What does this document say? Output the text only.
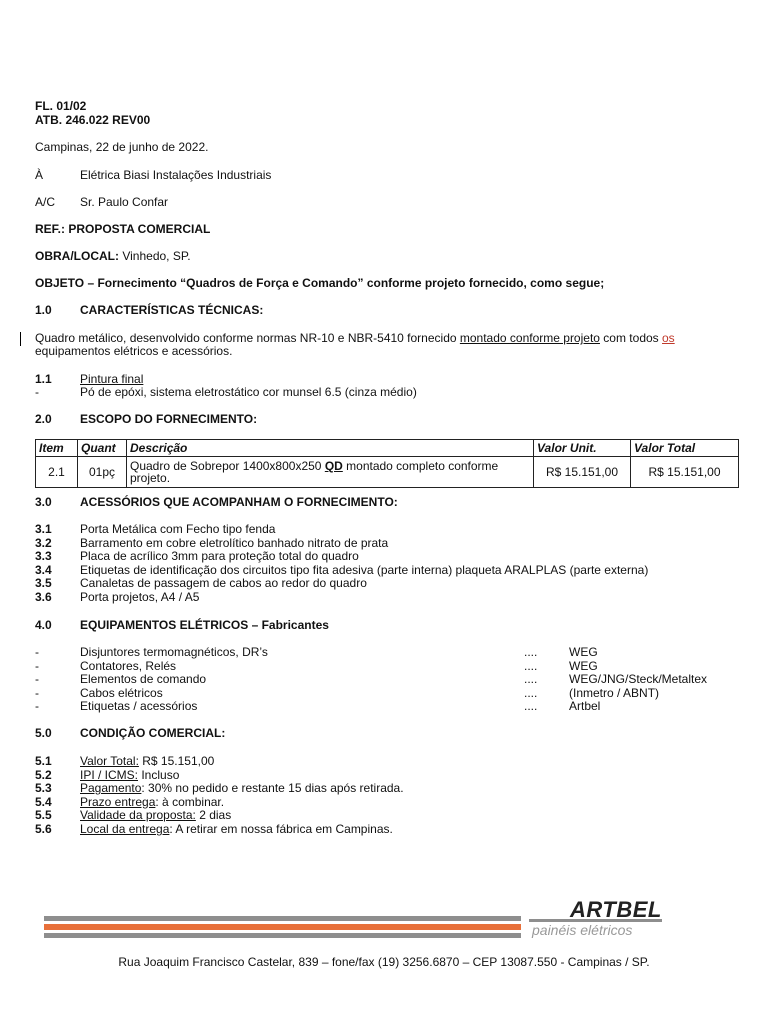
FL. 01/02
ATB. 246.022 REV00
Campinas, 22 de junho de 2022.
À	Elétrica Biasi Instalações Industriais
A/C Sr. Paulo Confar
REF.: PROPOSTA COMERCIAL
OBRA/LOCAL: Vinhedo, SP.
OBJETO – Fornecimento “Quadros de Força e Comando” conforme projeto fornecido, como segue;
1.0 CARACTERÍSTICAS TÉCNICAS:
Quadro metálico, desenvolvido conforme normas NR-10 e NBR-5410 fornecido montado conforme projeto com todos os
equipamentos elétricos e acessórios.
1.1 Pintura final
-	Pó de epóxi, sistema eletrostático cor munsel 6.5 (cinza médio)
2.0 ESCOPO DO FORNECIMENTO:
Item	Quant	Descrição	Valor Unit.	Valor Total
2.1	01pç	Quadro de Sobrepor 1400x800x250 QD montado completo conforme projeto.	R$ 15.151,00	R$ 15.151,00
3.0 ACESSÓRIOS QUE ACOMPANHAM O FORNECIMENTO:
3.1 Porta Metálica com Fecho tipo fenda
3.2 Barramento em cobre eletrolítico banhado nitrato de prata
3.3 Placa de acrílico 3mm para proteção total do quadro
3.4 Etiquetas de identificação dos circuitos tipo fita adesiva (parte interna) plaqueta ARALPLAS (parte externa)
3.5 Canaletas de passagem de cabos ao redor do quadro
3.6 Porta projetos, A4 / A5
4.0 EQUIPAMENTOS ELÉTRICOS – Fabricantes
-	Disjuntores termomagnéticos, DR’s	....	WEG
-	Contatores, Relés	....	WEG
-	Elementos de comando	....	WEG/JNG/Steck/Metaltex
-	Cabos elétricos	....	(Inmetro / ABNT)
-	Etiquetas / acessórios	....	Artbel
5.0 CONDIÇÃO COMERCIAL:
5.1 Valor Total: R$ 15.151,00
5.2 IPI / ICMS: Incluso
5.3 Pagamento: 30% no pedido e restante 15 dias após retirada.
5.4 Prazo entrega: à combinar.
5.5 Validade da proposta: 2 dias
5.6 Local da entrega: A retirar em nossa fábrica em Campinas.
ARTBEL
painéis elétricos
Rua Joaquim Francisco Castelar, 839 – fone/fax (19) 3256.6870 – CEP 13087.550 - Campinas / SP.
